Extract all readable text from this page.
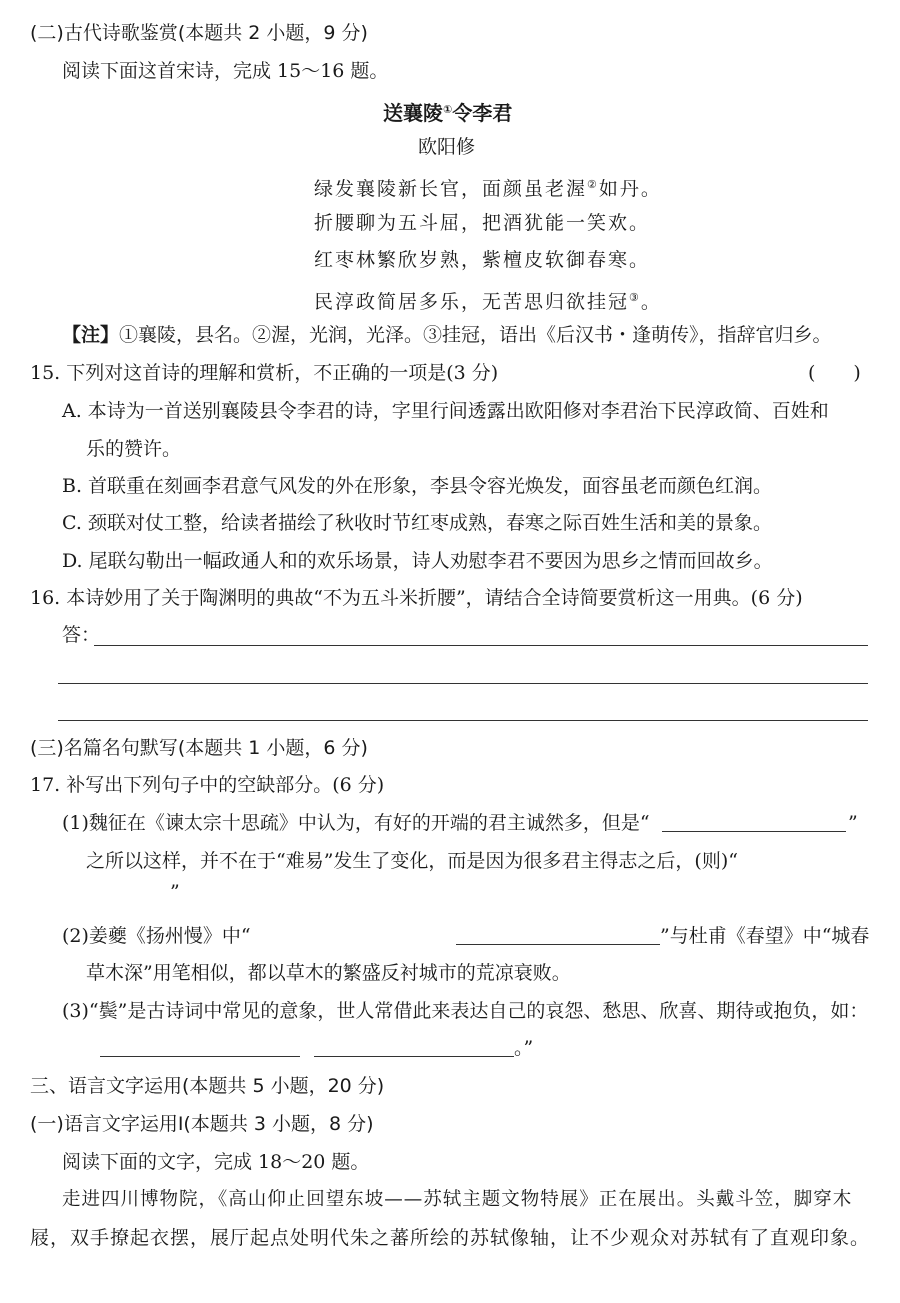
(二)古代诗歌鉴赏(本题共 2 小题，9 分)
阅读下面这首宋诗，完成 15～16 题。
送襄陵①令李君
欧阳修
绿发襄陵新长官，面颜虽老渥②如丹。
折腰聊为五斗屈，把酒犹能一笑欢。
红枣林繁欣岁熟，紫檀皮软御春寒。
民淳政简居多乐，无苦思归欲挂冠③。
【注】①襄陵，县名。②渥，光润，光泽。③挂冠，语出《后汉书・逢萌传》，指辞官归乡。
15. 下列对这首诗的理解和赏析，不正确的一项是(3 分)	(　　)
A. 本诗为一首送别襄陵县令李君的诗，字里行间透露出欧阳修对李君治下民淳政简、百姓和
乐的赞许。
B. 首联重在刻画李君意气风发的外在形象，李县令容光焕发，面容虽老而颜色红润。
C. 颈联对仗工整，给读者描绘了秋收时节红枣成熟，春寒之际百姓生活和美的景象。
D. 尾联勾勒出一幅政通人和的欢乐场景，诗人劝慰李君不要因为思乡之情而回故乡。
16. 本诗妙用了关于陶渊明的典故“不为五斗米折腰”，请结合全诗简要赏析这一用典。(6 分)
答：
(三)名篇名句默写(本题共 1 小题，6 分)
17. 补写出下列句子中的空缺部分。(6 分)
(1)魏征在《谏太宗十思疏》中认为，有好的开端的君主诚然多，但是“	”
之所以这样，并不在于“难易”发生了变化，而是因为很多君主得志之后，(则)“
”
(2)姜夔《扬州慢》中“	”与杜甫《春望》中“城春
草木深”用笔相似，都以草木的繁盛反衬城市的荒凉衰败。
(3)“鬓”是古诗词中常见的意象，世人常借此来表达自己的哀怨、愁思、欣喜、期待或抱负，如：
。”
三、语言文字运用(本题共 5 小题，20 分)
(一)语言文字运用Ⅰ(本题共 3 小题，8 分)
阅读下面的文字，完成 18～20 题。
走进四川博物院，《高山仰止回望东坡——苏轼主题文物特展》正在展出。头戴斗笠，脚穿木
屐，双手撩起衣摆，展厅起点处明代朱之蕃所绘的苏轼像轴，让不少观众对苏轼有了直观印象。
